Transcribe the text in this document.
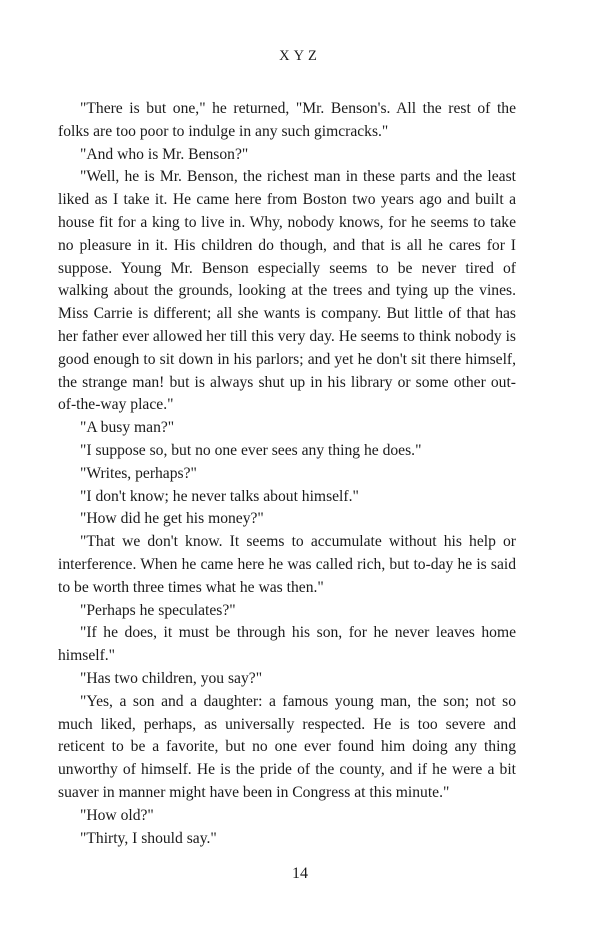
XYZ

"There is but one," he returned, "Mr. Benson's. All the rest of the folks are too poor to indulge in any such gimcracks."

"And who is Mr. Benson?"

"Well, he is Mr. Benson, the richest man in these parts and the least liked as I take it. He came here from Boston two years ago and built a house fit for a king to live in. Why, nobody knows, for he seems to take no pleasure in it. His children do though, and that is all he cares for I suppose. Young Mr. Benson especially seems to be never tired of walking about the grounds, looking at the trees and tying up the vines. Miss Carrie is different; all she wants is company. But little of that has her father ever allowed her till this very day. He seems to think nobody is good enough to sit down in his parlors; and yet he don't sit there himself, the strange man! but is always shut up in his library or some other out-of-the-way place."

"A busy man?"

"I suppose so, but no one ever sees any thing he does."

"Writes, perhaps?"

"I don't know; he never talks about himself."

"How did he get his money?"

"That we don't know. It seems to accumulate without his help or interference. When he came here he was called rich, but to-day he is said to be worth three times what he was then."

"Perhaps he speculates?"

"If he does, it must be through his son, for he never leaves home himself."

"Has two children, you say?"

"Yes, a son and a daughter: a famous young man, the son; not so much liked, perhaps, as universally respected. He is too severe and reticent to be a favorite, but no one ever found him doing any thing unworthy of himself. He is the pride of the county, and if he were a bit suaver in manner might have been in Congress at this minute."

"How old?"

"Thirty, I should say."

14
